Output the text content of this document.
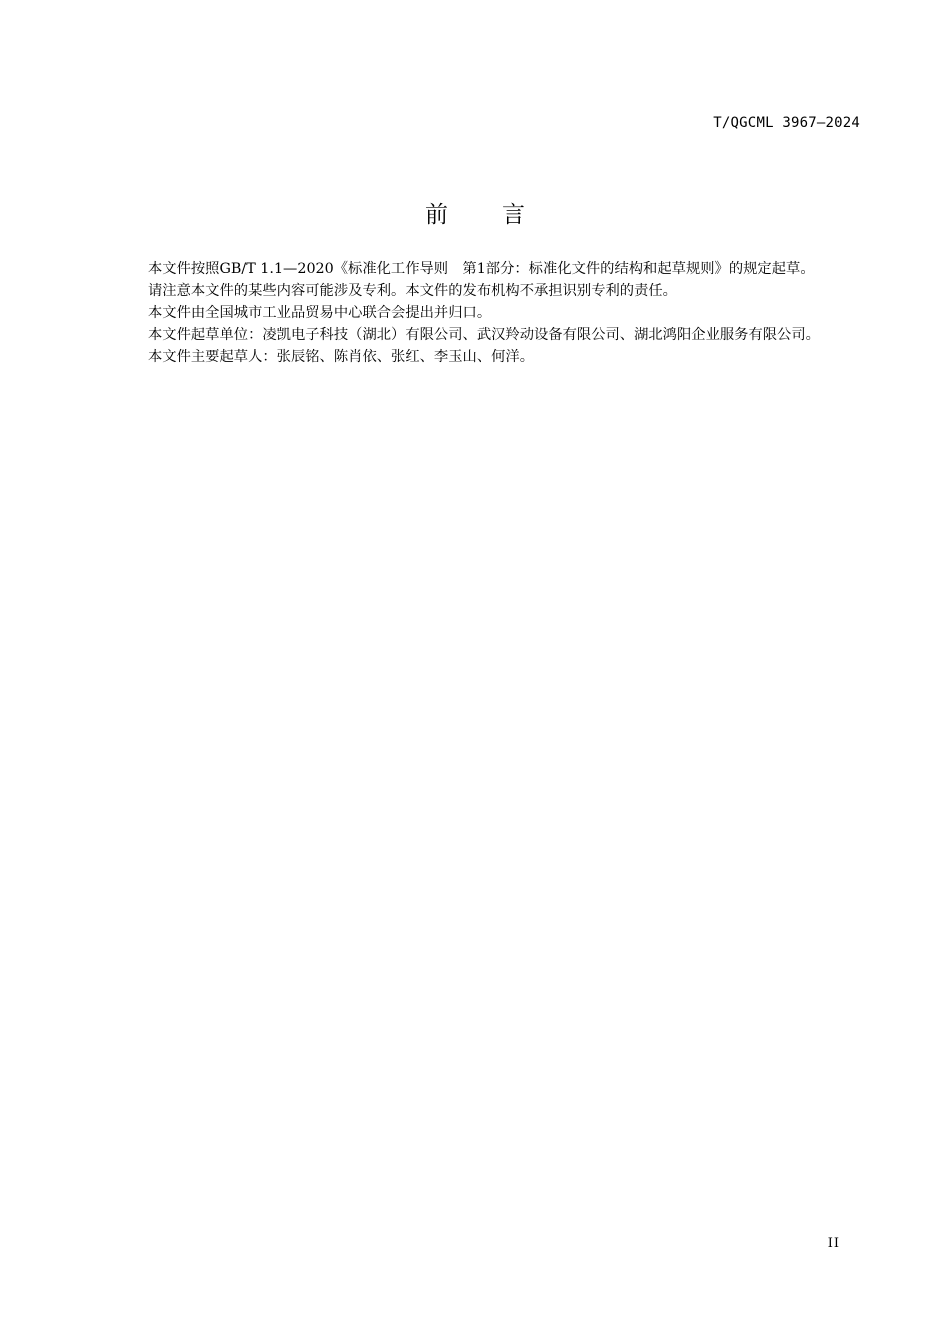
T/QGCML 3967—2024
前 言

本文件按照GB/T 1.1—2020《标准化工作导则　第1部分：标准化文件的结构和起草规则》的规定起草。

请注意本文件的某些内容可能涉及专利。本文件的发布机构不承担识别专利的责任。

本文件由全国城市工业品贸易中心联合会提出并归口。

本文件起草单位：凌凯电子科技（湖北）有限公司、武汉羚动设备有限公司、湖北鸿阳企业服务有限公司。

本文件主要起草人：张辰铭、陈肖依、张红、李玉山、何洋。

II
